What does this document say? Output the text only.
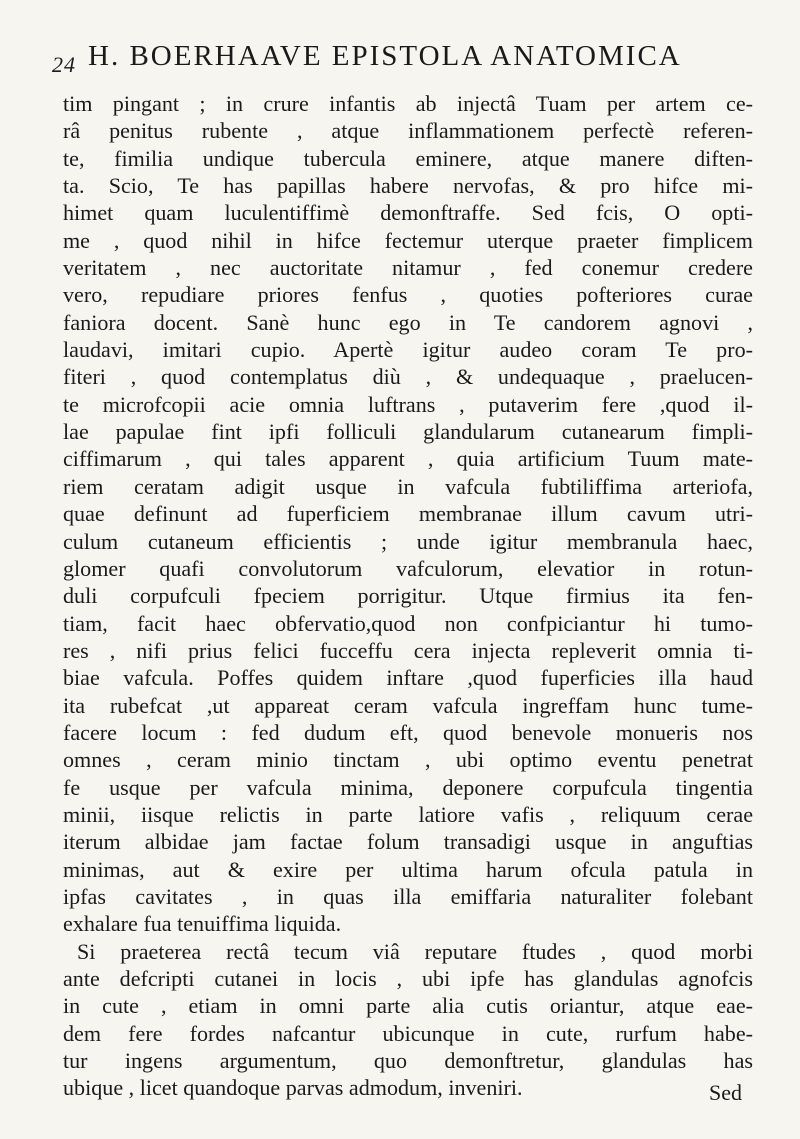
24 H. BOERHAAVE EPISTOLA ANATOMICA
tim pingant ; in crure infantis ab injectâ Tuam per artem ce-
râ penitus rubente , atque inflammationem perfectè referen-
te, fimilia undique tubercula eminere, atque manere diften-
ta. Scio, Te has papillas habere nervofas, & pro hifce mi-
himet quam luculentiffimè demonftraffe. Sed fcis, O opti-
me , quod nihil in hifce fectemur uterque praeter fimplicem
veritatem , nec auctoritate nitamur , fed conemur credere
vero, repudiare priores fenfus , quoties pofteriores curae
faniora docent. Sanè hunc ego in Te candorem agnovi ,
laudavi, imitari cupio. Apertè igitur audeo coram Te pro-
fiteri , quod contemplatus diù , & undequaque , praelucen-
te microfcopii acie omnia luftrans , putaverim fere ,quod il-
lae papulae fint ipfi folliculi glandularum cutanearum fimpli-
ciffimarum , qui tales apparent , quia artificium Tuum mate-
riem ceratam adigit usque in vafcula fubtiliffima arteriofa,
quae definunt ad fuperficiem membranae illum cavum utri-
culum cutaneum efficientis ; unde igitur membranula haec,
glomer quafi convolutorum vafculorum, elevatior in rotun-
duli corpufculi fpeciem porrigitur. Utque firmius ita fen-
tiam, facit haec obfervatio,quod non confpiciantur hi tumo-
res , nifi prius felici fucceffu cera injecta repleverit omnia ti-
biae vafcula. Poffes quidem inftare ,quod fuperficies illa haud
ita rubefcat ,ut appareat ceram vafcula ingreffam hunc tume-
facere locum : fed dudum eft, quod benevole monueris nos
omnes , ceram minio tinctam , ubi optimo eventu penetrat
fe usque per vafcula minima, deponere corpufcula tingentia
minii, iisque relictis in parte latiore vafis , reliquum cerae
iterum albidae jam factae folum transadigi usque in anguftias
minimas, aut & exire per ultima harum ofcula patula in
ipfas cavitates , in quas illa emiffaria naturaliter folebant
exhalare fua tenuiffima liquida.
Si praeterea rectâ tecum viâ reputare ftudes , quod morbi
ante defcripti cutanei in locis , ubi ipfe has glandulas agnofcis
in cute , etiam in omni parte alia cutis oriantur, atque eae-
dem fere fordes nafcantur ubicunque in cute, rurfum habe-
tur ingens argumentum, quo demonftretur, glandulas has
ubique , licet quandoque parvas admodum, inveniri.	Sed
